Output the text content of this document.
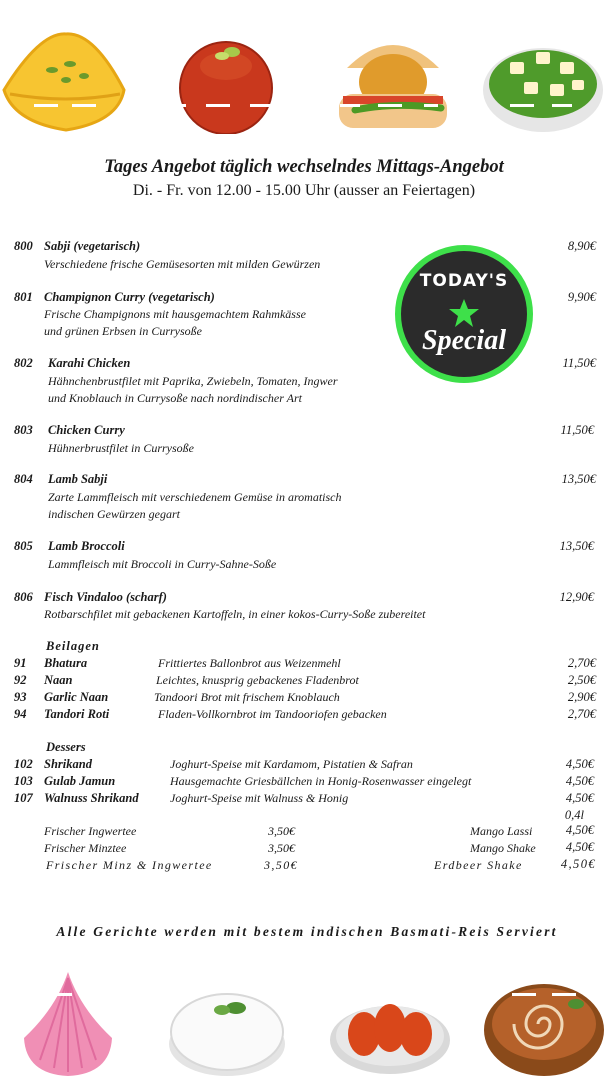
Tages Angebot täglich wechselndes Mittags-Angebot
Di. - Fr. von 12.00 - 15.00 Uhr (ausser an Feiertagen)
TODAY'S
Special
800 Sabji (vegetarisch)
Verschiedene frische Gemüsesorten mit milden Gewürzen
8,90€
801 Champignon Curry (vegetarisch)
Frische Champignons mit hausgemachtem Rahmkässe
und grünen Erbsen in Currysoße
9,90€
802 Karahi Chicken
Hähnchenbrustfilet mit Paprika, Zwiebeln, Tomaten, Ingwer
und Knoblauch in Currysoße nach nordindischer Art
11,50€
803 Chicken Curry
Hühnerbrustfilet in Currysoße
11,50€
804 Lamb Sabji
Zarte Lammfleisch mit verschiedenem Gemüse in aromatisch
indischen Gewürzen gegart
13,50€
805 Lamb Broccoli
Lammfleisch mit Broccoli in Curry-Sahne-Soße
13,50€
806 Fisch Vindaloo (scharf)
Rotbarschfilet mit gebackenen Kartoffeln, in einer kokos-Curry-Soße zubereitet
12,90€
Beilagen
91 Bhatura	Frittiertes Ballonbrot aus Weizenmehl	2,70€
92 Naan	Leichtes, knusprig gebackenes Fladenbrot	2,50€
93 Garlic Naan	Tandoori Brot mit frischem Knoblauch	2,90€
94 Tandori Roti	Fladen-Vollkornbrot im Tandooriofen gebacken	2,70€
Dessers
102 Shrikand	Joghurt-Speise mit Kardamom, Pistatien & Safran	4,50€
103 Gulab Jamun	Hausgemachte Griesbällchen in Honig-Rosenwasser eingelegt	4,50€
107 Walnuss Shrikand	Joghurt-Speise mit Walnuss & Honig	4,50€
0,4l
Frischer Ingwertee	3,50€
Frischer Minztee	3,50€
Frischer Minz & Ingwertee	3,50€
Mango Lassi	4,50€
Mango Shake 4,50€
Erdbeer Shake	4,50€
Alle Gerichte werden mit bestem indischen Basmati-Reis Serviert
